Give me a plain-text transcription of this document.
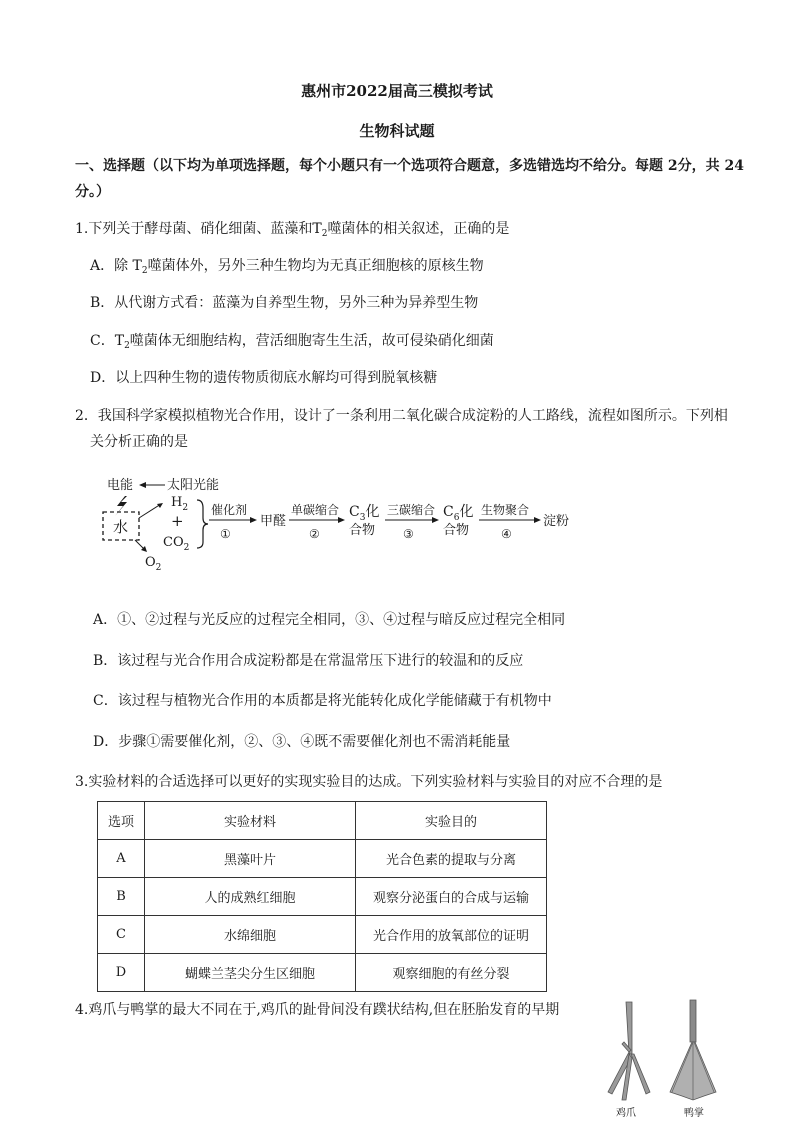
惠州市2022届高三模拟考试
生物科试题
一、选择题（以下均为单项选择题，每个小题只有一个选项符合题意，多选错选均不给分。每题 2分，共 24
分。）
1.下列关于酵母菌、硝化细菌、蓝藻和$T_2$噬菌体的相关叙述，正确的是
A．除 $T_2$噬菌体外，另外三种生物均为无真正细胞核的原核生物
B．从代谢方式看：蓝藻为自养型生物，另外三种为异养型生物
C．$T_2$噬菌体无细胞结构，营活细胞寄生生活，故可侵染硝化细菌
D．以上四种生物的遗传物质彻底水解均可得到脱氧核糖
2．我国科学家模拟植物光合作用，设计了一条利用二氧化碳合成淀粉的人工路线，流程如图所示。下列相
关分析正确的是
电能	太阳光能
水
$H_2$
+
$CO_2$
$O_2$
催化剂
①
甲醛
单碳缩合
②
$C_3$化
合物
三碳缩合
③
$C_6$化
合物
生物聚合
④
淀粉
A．①、②过程与光反应的过程完全相同，③、④过程与暗反应过程完全相同
B．该过程与光合作用合成淀粉都是在常温常压下进行的较温和的反应
C．该过程与植物光合作用的本质都是将光能转化成化学能储藏于有机物中
D．步骤①需要催化剂，②、③、④既不需要催化剂也不需消耗能量
3.实验材料的合适选择可以更好的实现实验目的达成。下列实验材料与实验目的对应不合理的是
选项	实验材料	实验目的
A	黑藻叶片	光合色素的提取与分离
B	人的成熟红细胞	观察分泌蛋白的合成与运输
C	水绵细胞	光合作用的放氧部位的证明
D	蝴蝶兰茎尖分生区细胞	观察细胞的有丝分裂
4.鸡爪与鸭掌的最大不同在于,鸡爪的趾骨间没有蹼状结构,但在胚胎发育的早期
鸡爪	鸭掌
